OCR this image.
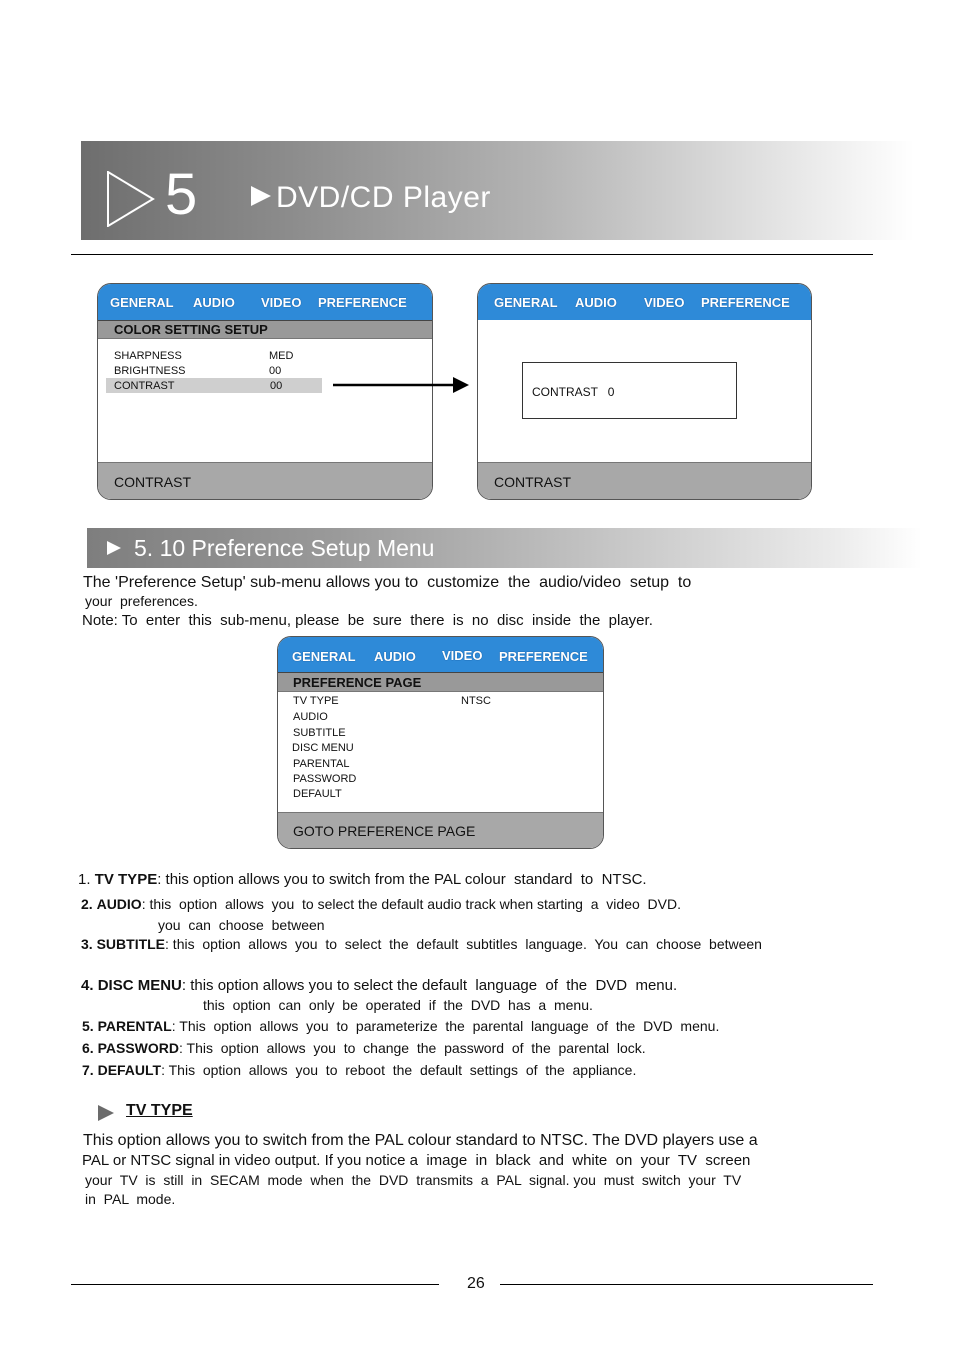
5	DVD/CD Player
GENERAL AUDIO VIDEO PREFERENCE
COLOR SETTING SETUP
SHARPNESS	MED
BRIGHTNESS	00
CONTRAST	00
CONTRAST
GENERAL AUDIO VIDEO PREFERENCE
CONTRAST   0
CONTRAST
5. 10 Preference Setup Menu
The 'Preference Setup' sub-menu allows you to  customize  the  audio/video  setup  to
your  preferences.
Note: To  enter  this  sub-menu, please  be  sure  there  is  no  disc  inside  the  player.
GENERAL AUDIO VIDEO PREFERENCE
PREFERENCE PAGE
TV TYPE	NTSC
AUDIO
SUBTITLE
DISC MENU
PARENTAL
PASSWORD
DEFAULT
GOTO PREFERENCE PAGE
1. TV TYPE: this option allows you to switch from the PAL colour  standard  to  NTSC.
2. AUDIO: this  option  allows  you  to select the default audio track when starting  a  video  DVD.
you  can  choose  between
3. SUBTITLE: this  option  allows  you  to  select  the  default  subtitles  language.  You  can  choose  between
4. DISC MENU: this option allows you to select the default  language  of  the  DVD  menu.
this  option  can  only  be  operated  if  the  DVD  has  a  menu.
5. PARENTAL: This  option  allows  you  to  parameterize  the  parental  language  of  the  DVD  menu.
6. PASSWORD: This  option  allows  you  to  change  the  password  of  the  parental  lock.
7. DEFAULT: This  option  allows  you  to  reboot  the  default  settings  of  the  appliance.
TV TYPE
This option allows you to switch from the PAL colour standard to NTSC. The DVD players use a
PAL or NTSC signal in video output. If you notice a  image  in  black  and  white  on  your  TV  screen
your  TV  is  still  in  SECAM  mode  when  the  DVD  transmits  a  PAL  signal. you  must  switch  your  TV
in  PAL  mode.
26
